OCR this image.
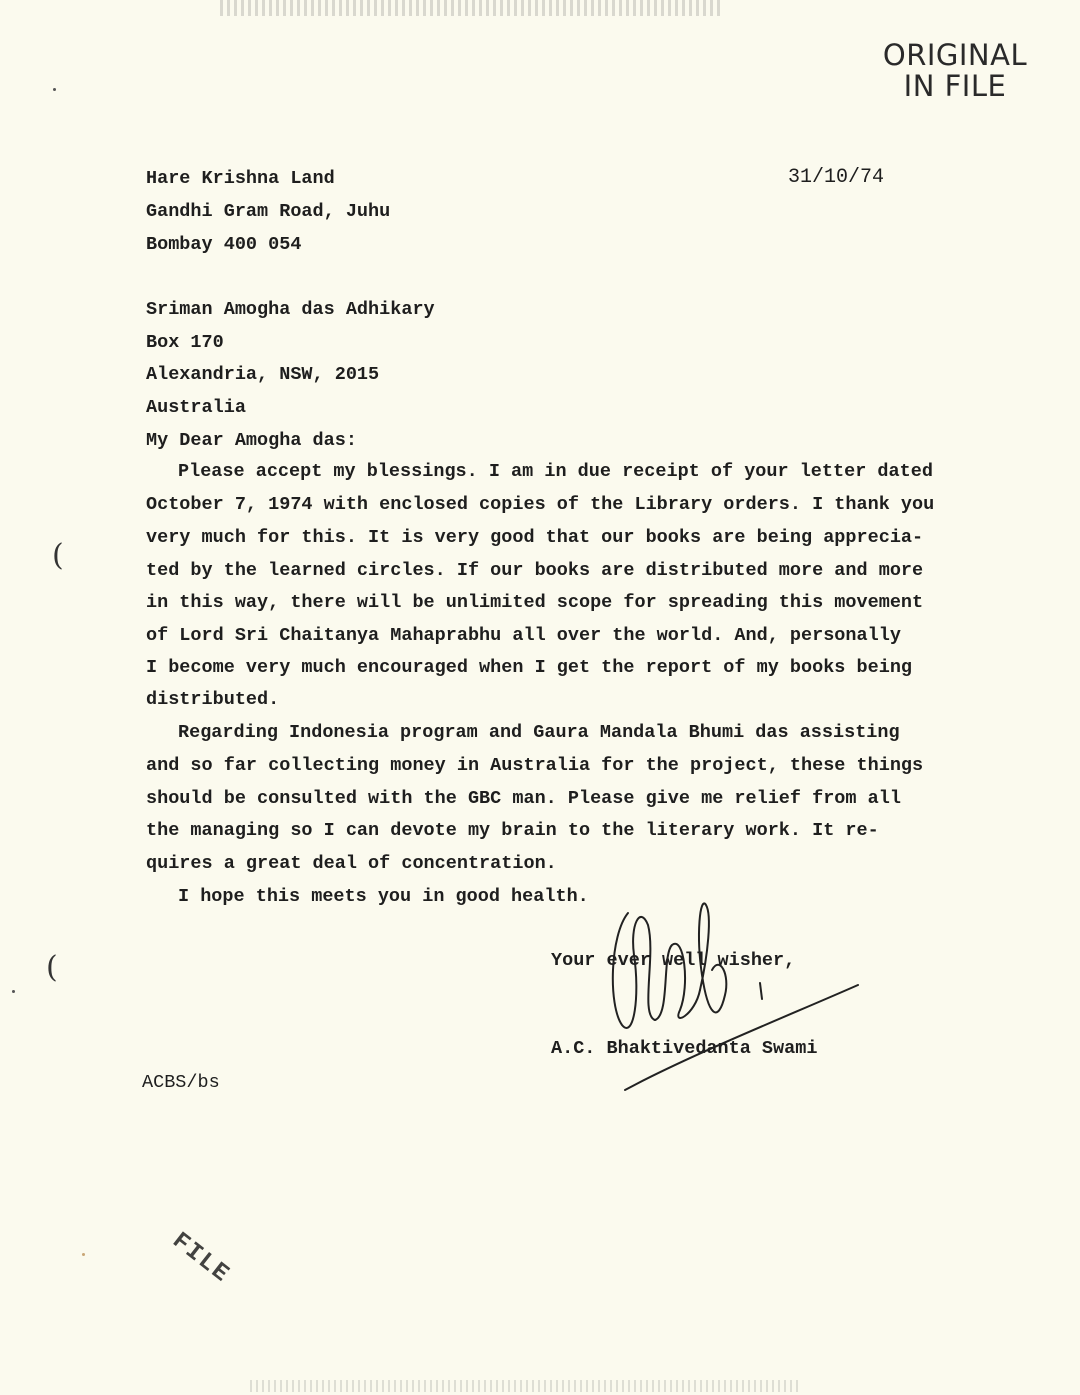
ORIGINAL
IN FILE
31/10/74
Hare Krishna Land
Gandhi Gram Road, Juhu
Bombay 400 054
Sriman Amogha das Adhikary
Box 170
Alexandria, NSW, 2015
Australia
My Dear Amogha das:
Please accept my blessings. I am in due receipt of your letter dated
October 7, 1974 with enclosed copies of the Library orders. I thank you
very much for this. It is very good that our books are being apprecia-
ted by the learned circles. If our books are distributed more and more
in this way, there will be unlimited scope for spreading this movement
of Lord Sri Chaitanya Mahaprabhu all over the world. And, personally
I become very much encouraged when I get the report of my books being
distributed.
Regarding Indonesia program and Gaura Mandala Bhumi das assisting
and so far collecting money in Australia for the project, these things
should be consulted with the GBC man. Please give me relief from all
the managing so I can devote my brain to the literary work. It re-
quires a great deal of concentration.
I hope this meets you in good health.
Your ever well wisher,
A.C. Bhaktivedanta Swami
ACBS/bs
(
(
FILE
